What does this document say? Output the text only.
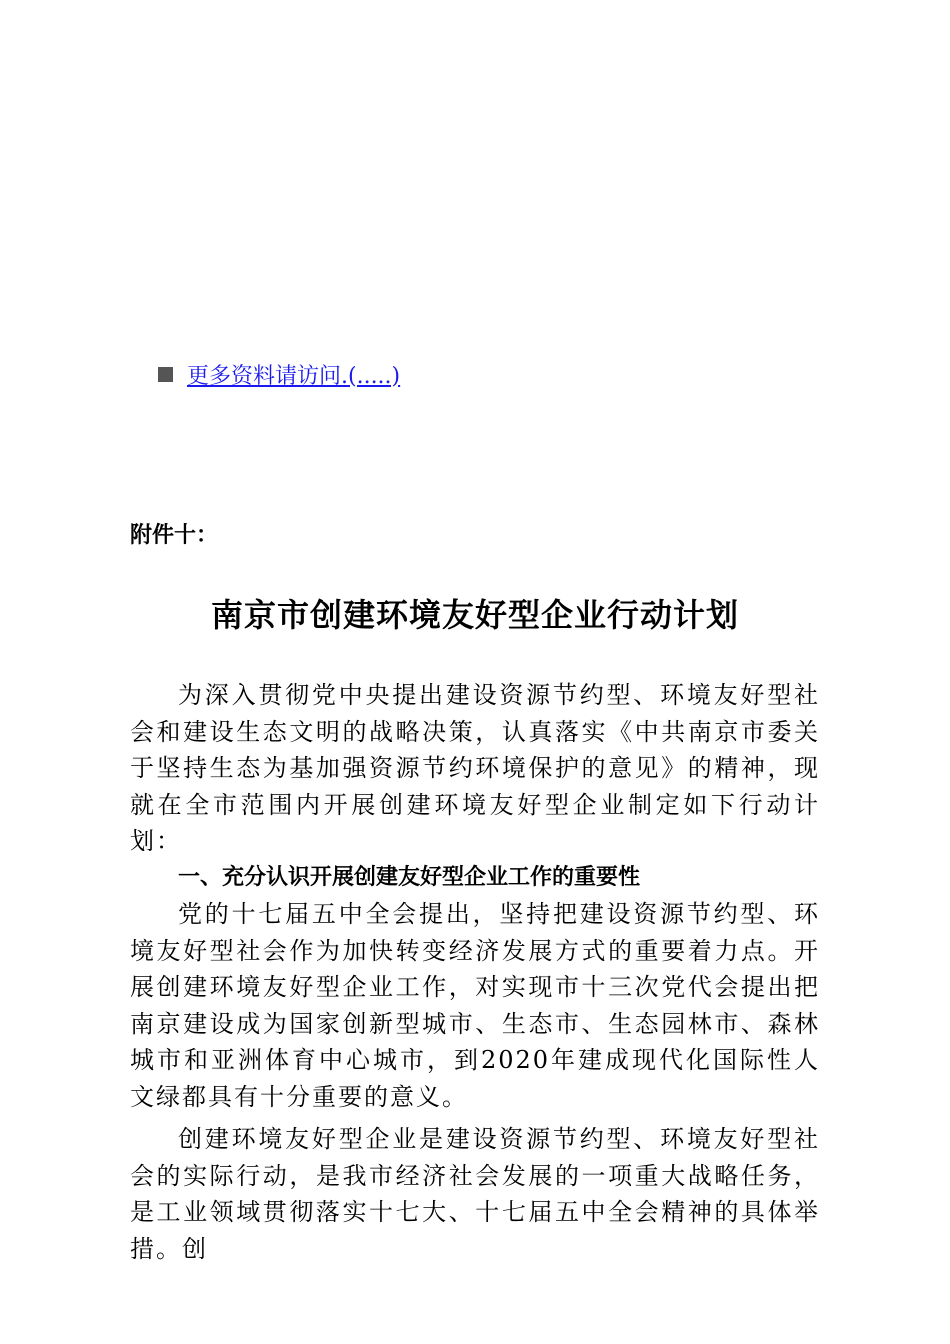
更多资料请访问.(.....)
附件十：
南京市创建环境友好型企业行动计划

为深入贯彻党中央提出建设资源节约型、环境友好型社会和建设生态文明的战略决策，认真落实《中共南京市委关于坚持生态为基加强资源节约环境保护的意见》的精神，现就在全市范围内开展创建环境友好型企业制定如下行动计划：

一、充分认识开展创建友好型企业工作的重要性

党的十七届五中全会提出，坚持把建设资源节约型、环境友好型社会作为加快转变经济发展方式的重要着力点。开展创建环境友好型企业工作，对实现市十三次党代会提出把南京建设成为国家创新型城市、生态市、生态园林市、森林城市和亚洲体育中心城市，到2020年建成现代化国际性人文绿都具有十分重要的意义。

创建环境友好型企业是建设资源节约型、环境友好型社会的实际行动，是我市经济社会发展的一项重大战略任务，是工业领域贯彻落实十七大、十七届五中全会精神的具体举措。创
